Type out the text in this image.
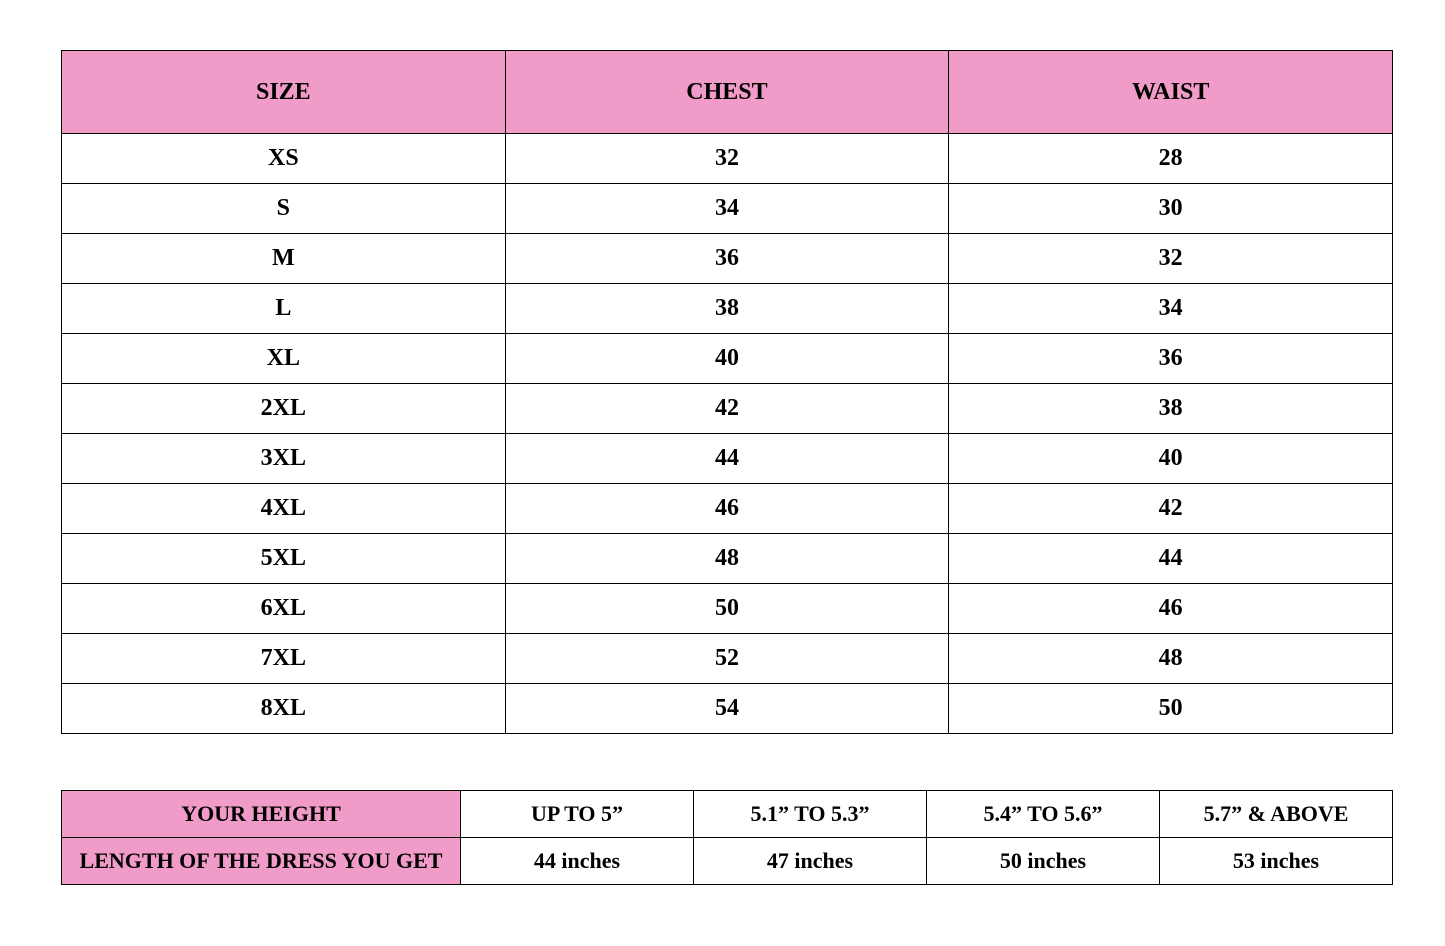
SIZE	CHEST	WAIST
XS	32	28
S	34	30
M	36	32
L	38	34
XL	40	36
2XL	42	38
3XL	44	40
4XL	46	42
5XL	48	44
6XL	50	46
7XL	52	48
8XL	54	50
YOUR HEIGHT	UP TO 5”	5.1” TO 5.3”	5.4” TO 5.6”	5.7” & ABOVE
LENGTH OF THE DRESS YOU GET	44 inches	47 inches	50 inches	53 inches
